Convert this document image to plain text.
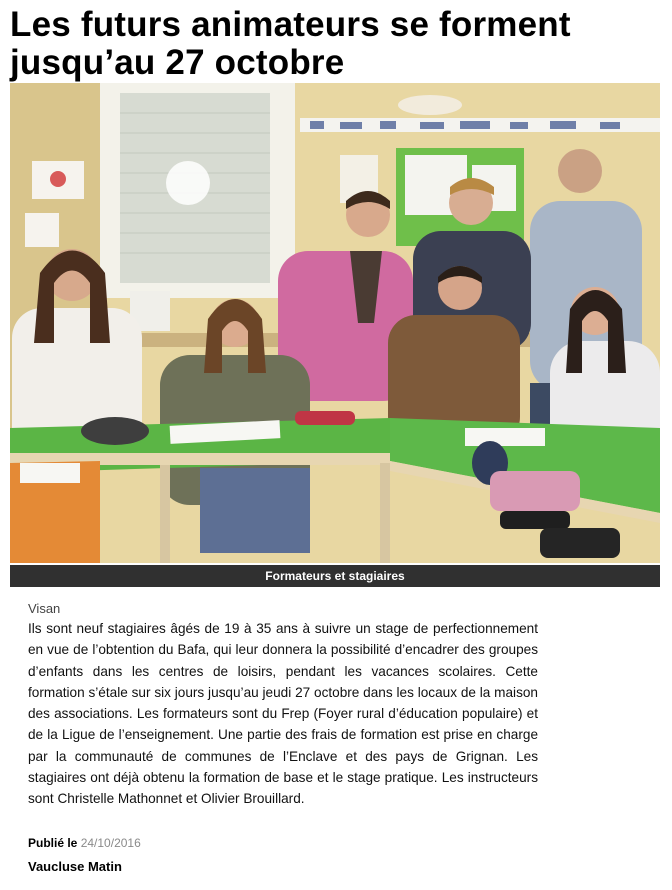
Les futurs animateurs se forment jusqu’au 27 octobre
Formateurs et stagiaires
Visan

Ils sont neuf stagiaires âgés de 19 à 35 ans à suivre un stage de perfectionnement en vue de l’obtention du Bafa, qui leur donnera la possibilité d’encadrer des groupes d’enfants dans les centres de loisirs, pendant les vacances scolaires. Cette formation s’étale sur six jours jusqu’au jeudi 27 octobre dans les locaux de la maison des associations. Les formateurs sont du Frep (Foyer rural d’éducation populaire) et de la Ligue de l’enseignement. Une partie des frais de formation est prise en charge par la communauté de communes de l’Enclave et des pays de Grignan. Les stagiaires ont déjà obtenu la formation de base et le stage pratique. Les instructeurs sont Christelle Mathonnet et Olivier Brouillard.

Publié le 24/10/2016
Vaucluse Matin
